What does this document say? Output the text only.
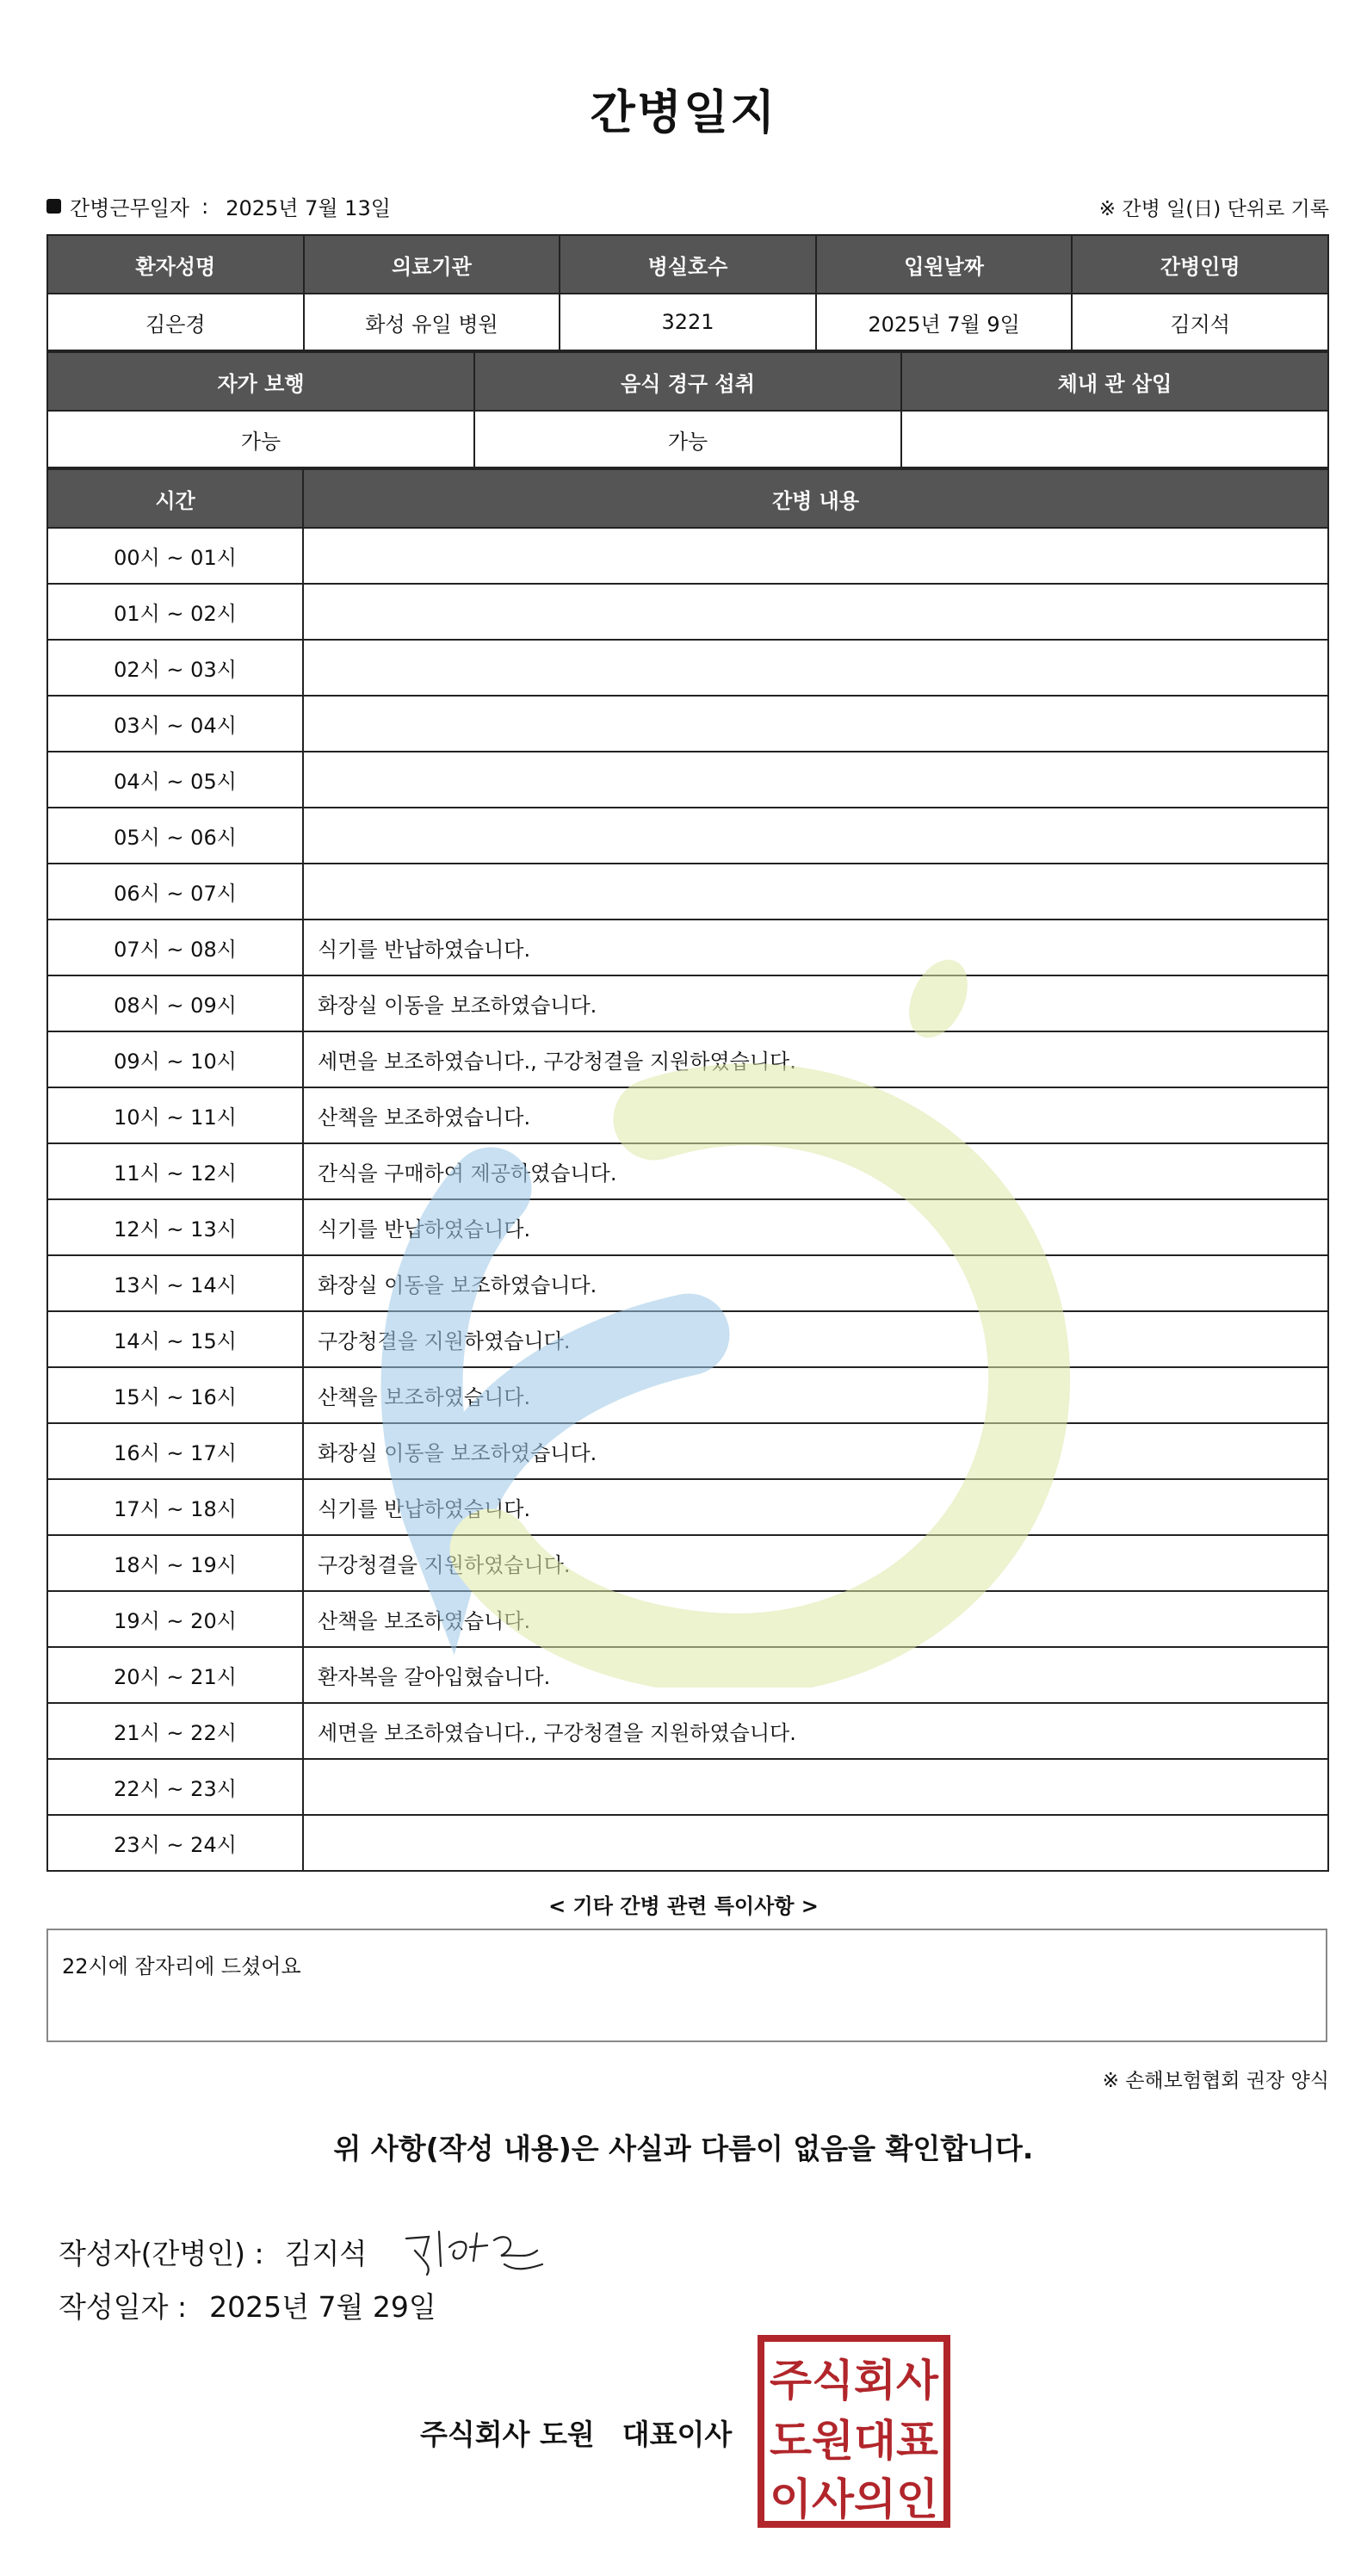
간병일지
간병근무일자 : 2025년 7월 13일	※ 간병 일(日) 단위로 기록
환자성명	의료기관	병실호수	입원날짜	간병인명
김은경	화성 유일 병원	3221	2025년 7월 9일	김지석
자가 보행	음식 경구 섭취	체내 관 삽입
가능	가능	
시간	간병 내용
00시 ~ 01시	
01시 ~ 02시	
02시 ~ 03시	
03시 ~ 04시	
04시 ~ 05시	
05시 ~ 06시	
06시 ~ 07시	
07시 ~ 08시	식기를 반납하였습니다.
08시 ~ 09시	화장실 이동을 보조하였습니다.
09시 ~ 10시	세면을 보조하였습니다., 구강청결을 지원하였습니다.
10시 ~ 11시	산책을 보조하였습니다.
11시 ~ 12시	간식을 구매하여 제공하였습니다.
12시 ~ 13시	식기를 반납하였습니다.
13시 ~ 14시	화장실 이동을 보조하였습니다.
14시 ~ 15시	구강청결을 지원하였습니다.
15시 ~ 16시	산책을 보조하였습니다.
16시 ~ 17시	화장실 이동을 보조하였습니다.
17시 ~ 18시	식기를 반납하였습니다.
18시 ~ 19시	구강청결을 지원하였습니다.
19시 ~ 20시	산책을 보조하였습니다.
20시 ~ 21시	환자복을 갈아입혔습니다.
21시 ~ 22시	세면을 보조하였습니다., 구강청결을 지원하였습니다.
22시 ~ 23시	
23시 ~ 24시	
< 기타 간병 관련 특이사항 >
22시에 잠자리에 드셨어요
※ 손해보험협회 권장 양식
위 사항(작성 내용)은 사실과 다름이 없음을 확인합니다.
작성자(간병인) : 김지석
작성일자 : 2025년 7월 29일
주식회사 도원 대표이사
주식회사
도원대표
이사의인
